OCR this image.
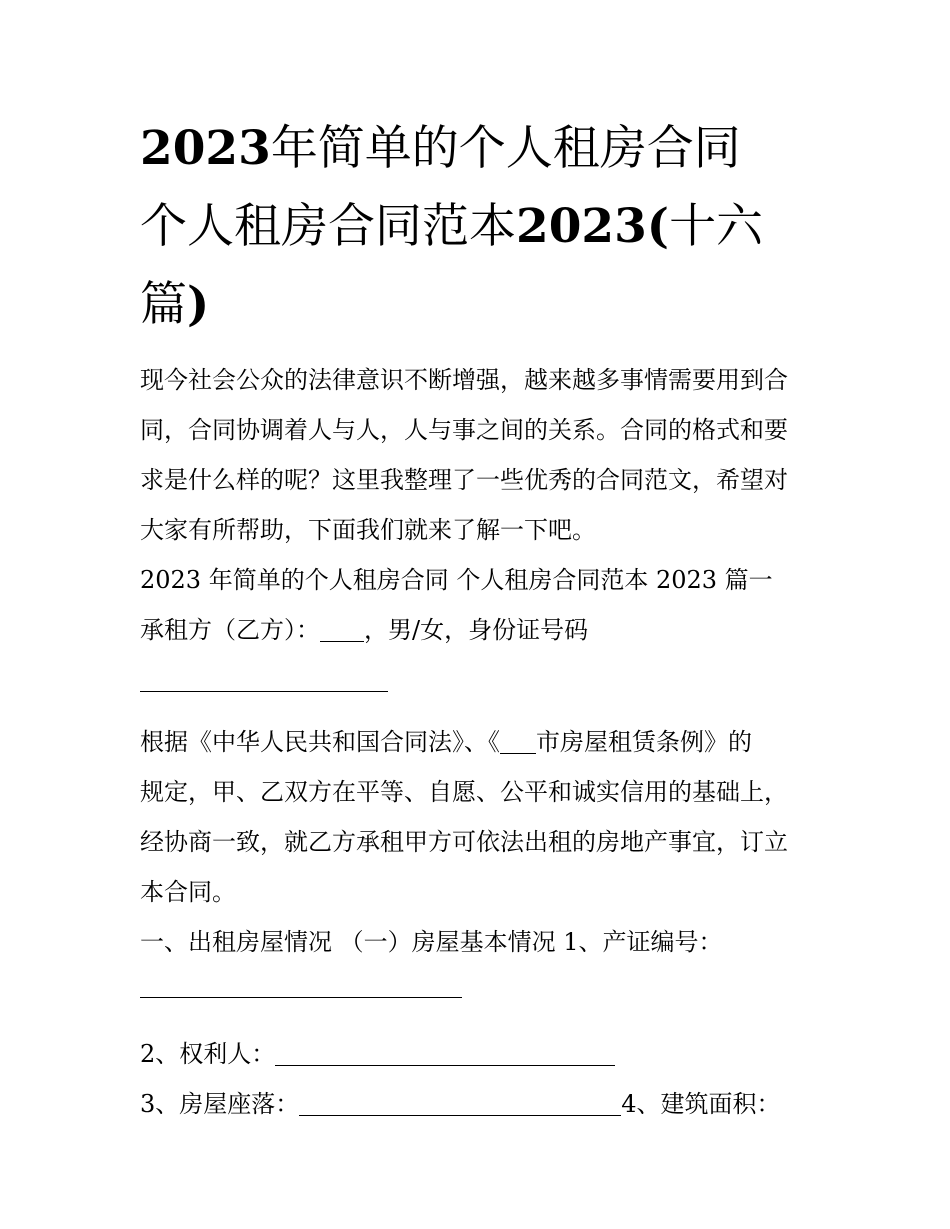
2023年简单的个人租房合同
个人租房合同范本2023(十六
篇)

现今社会公众的法律意识不断增强，越来越多事情需要用到合

同，合同协调着人与人，人与事之间的关系。合同的格式和要

求是什么样的呢？这里我整理了一些优秀的合同范文，希望对

大家有所帮助，下面我们就来了解一下吧。

2023 年简单的个人租房合同 个人租房合同范本 2023 篇一

承租方（乙方）： ，男/女，身份证号码

根据《中华人民共和国合同法》、《 市房屋租赁条例》的

规定，甲、乙双方在平等、自愿、公平和诚实信用的基础上，

经协商一致，就乙方承租甲方可依法出租的房地产事宜，订立

本合同。

一、出租房屋情况 （一）房屋基本情况 1、产证编号：

2、权利人：

3、房屋座落：	4、建筑面积：
